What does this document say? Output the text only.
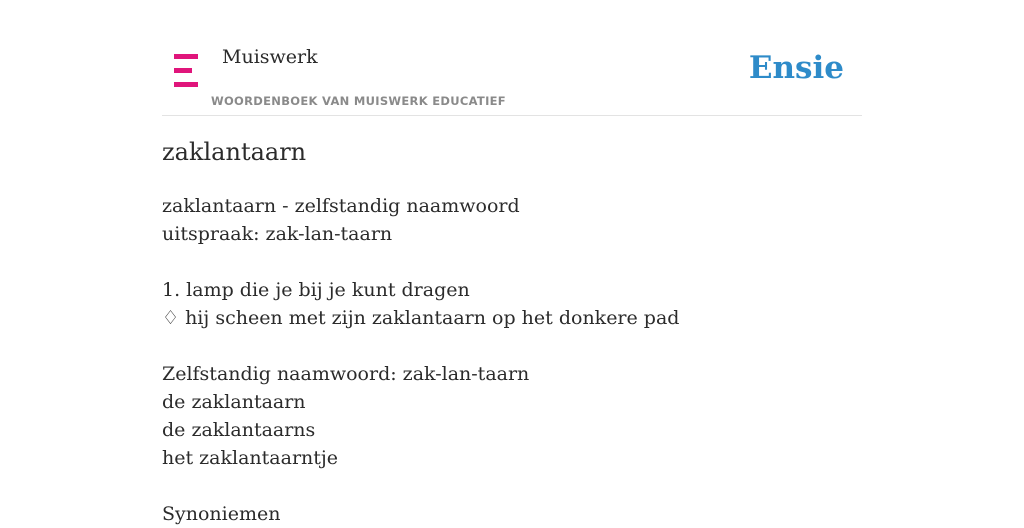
Muiswerk
WOORDENBOEK VAN MUISWERK EDUCATIEF
Ensie
zaklantaarn
zaklantaarn - zelfstandig naamwoord
uitspraak: zak-lan-taarn
1. lamp die je bij je kunt dragen
♢ hij scheen met zijn zaklantaarn op het donkere pad
Zelfstandig naamwoord: zak-lan-taarn
de zaklantaarn
de zaklantaarns
het zaklantaarntje
Synoniemen
